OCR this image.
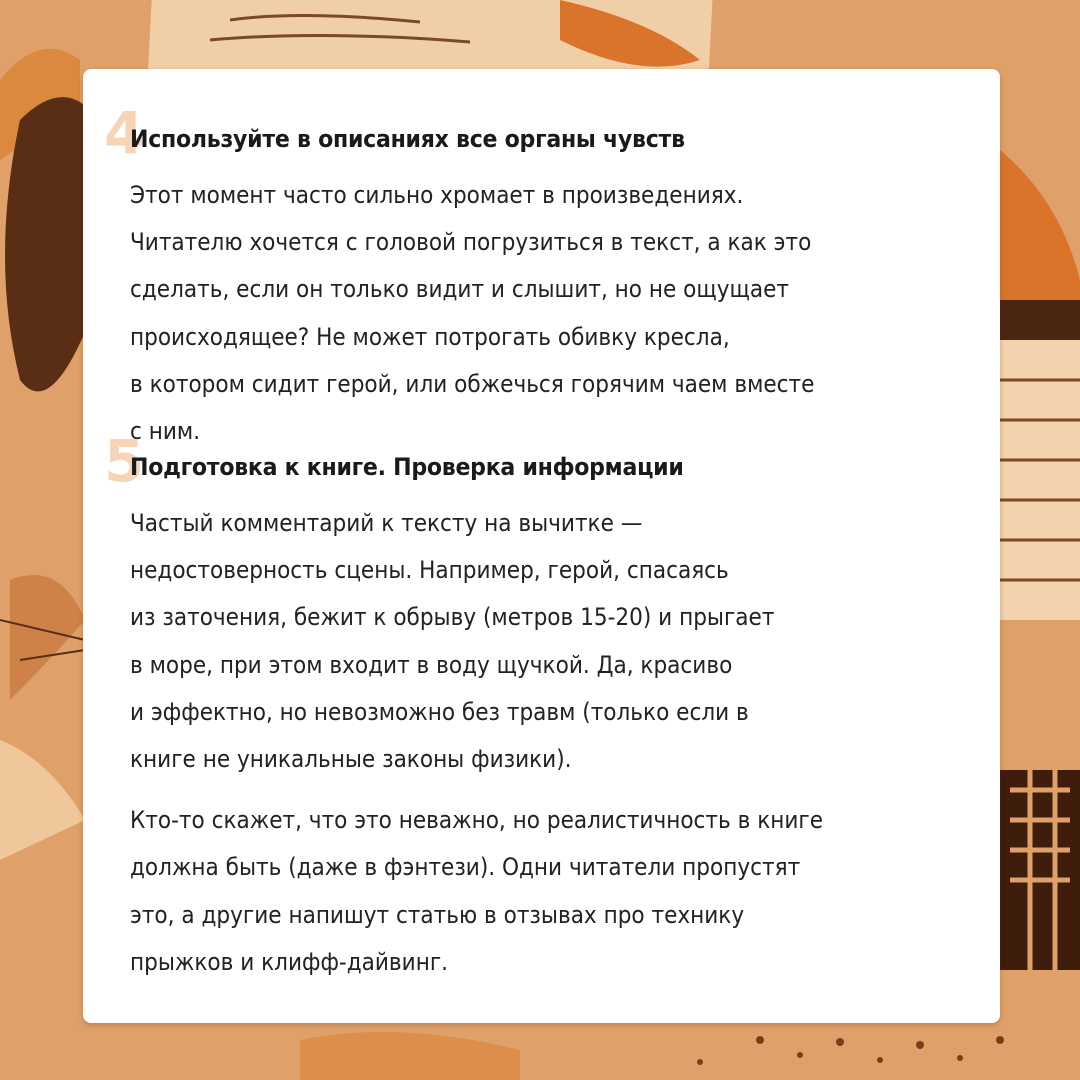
4
Используйте в описаниях все органы чувств

Этот момент часто сильно хромает в произведениях.
Читателю хочется с головой погрузиться в текст, а как это
сделать, если он только видит и слышит, но не ощущает
происходящее? Не может потрогать обивку кресла,
в котором сидит герой, или обжечься горячим чаем вместе
с ним.

5
Подготовка к книге. Проверка информации

Частый комментарий к тексту на вычитке —
недостоверность сцены. Например, герой, спасаясь
из заточения, бежит к обрыву (метров 15-20) и прыгает
в море, при этом входит в воду щучкой. Да, красиво
и эффектно, но невозможно без травм (только если в
книге не уникальные законы физики).

Кто-то скажет, что это неважно, но реалистичность в книге
должна быть (даже в фэнтези). Одни читатели пропустят
это, а другие напишут статью в отзывах про технику
прыжков и клифф-дайвинг.
